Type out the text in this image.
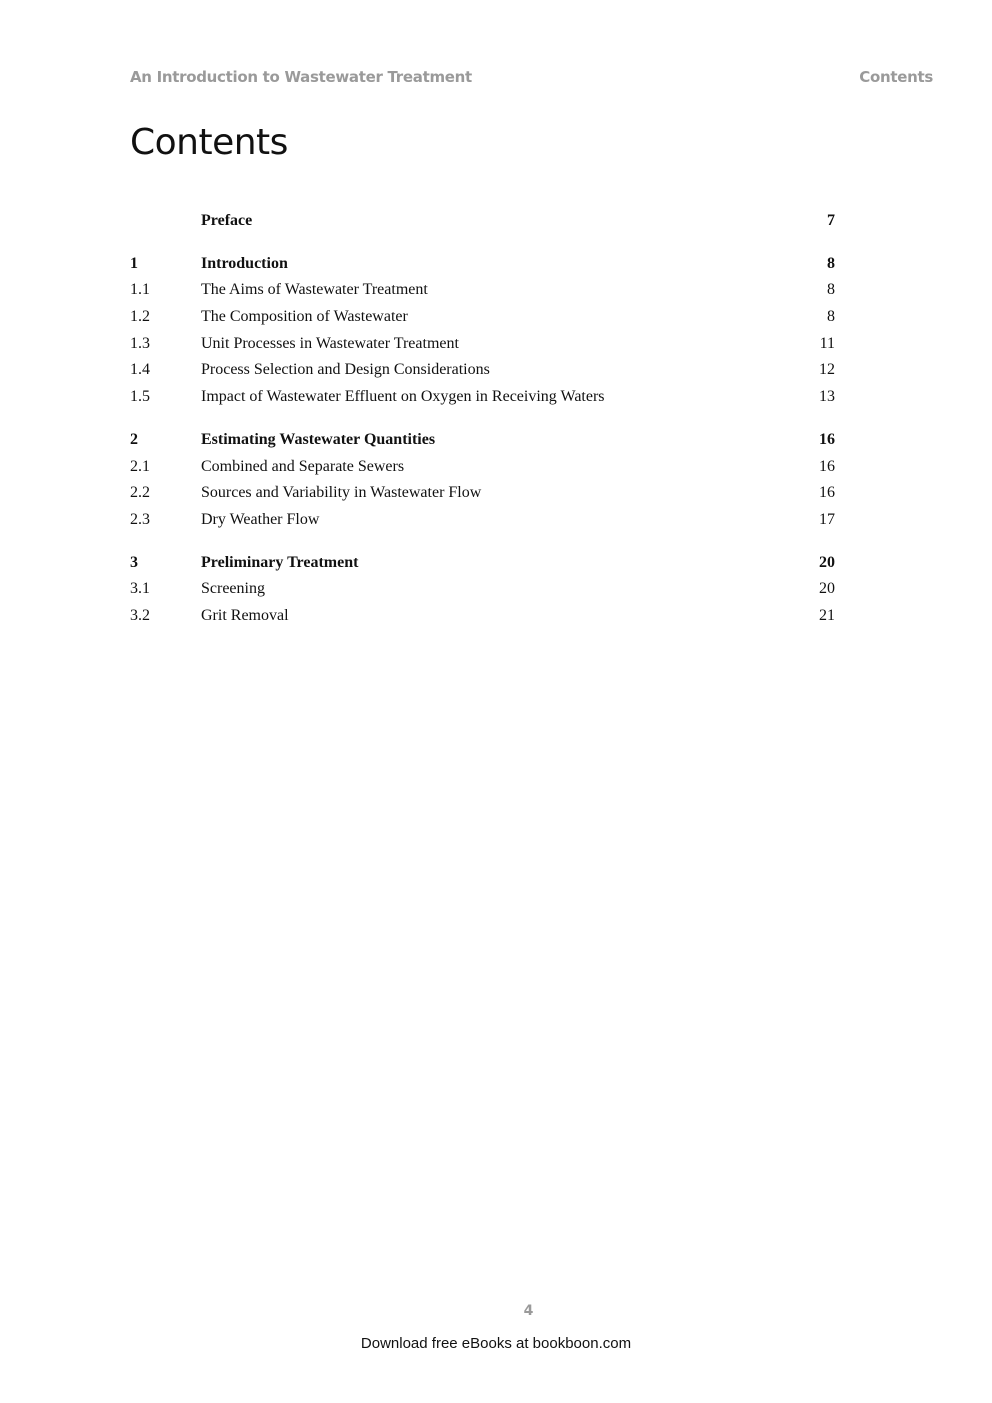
An Introduction to Wastewater Treatment	Contents
Contents
Preface	7
1	Introduction	8
1.1	The Aims of Wastewater Treatment	8
1.2	The Composition of Wastewater	8
1.3	Unit Processes in Wastewater Treatment	11
1.4	Process Selection and Design Considerations	12
1.5	Impact of Wastewater Effluent on Oxygen in Receiving Waters	13
2	Estimating Wastewater Quantities	16
2.1	Combined and Separate Sewers	16
2.2	Sources and Variability in Wastewater Flow	16
2.3	Dry Weather Flow	17
3	Preliminary Treatment	20
3.1	Screening	20
3.2	Grit Removal	21
4
Download free eBooks at bookboon.com
